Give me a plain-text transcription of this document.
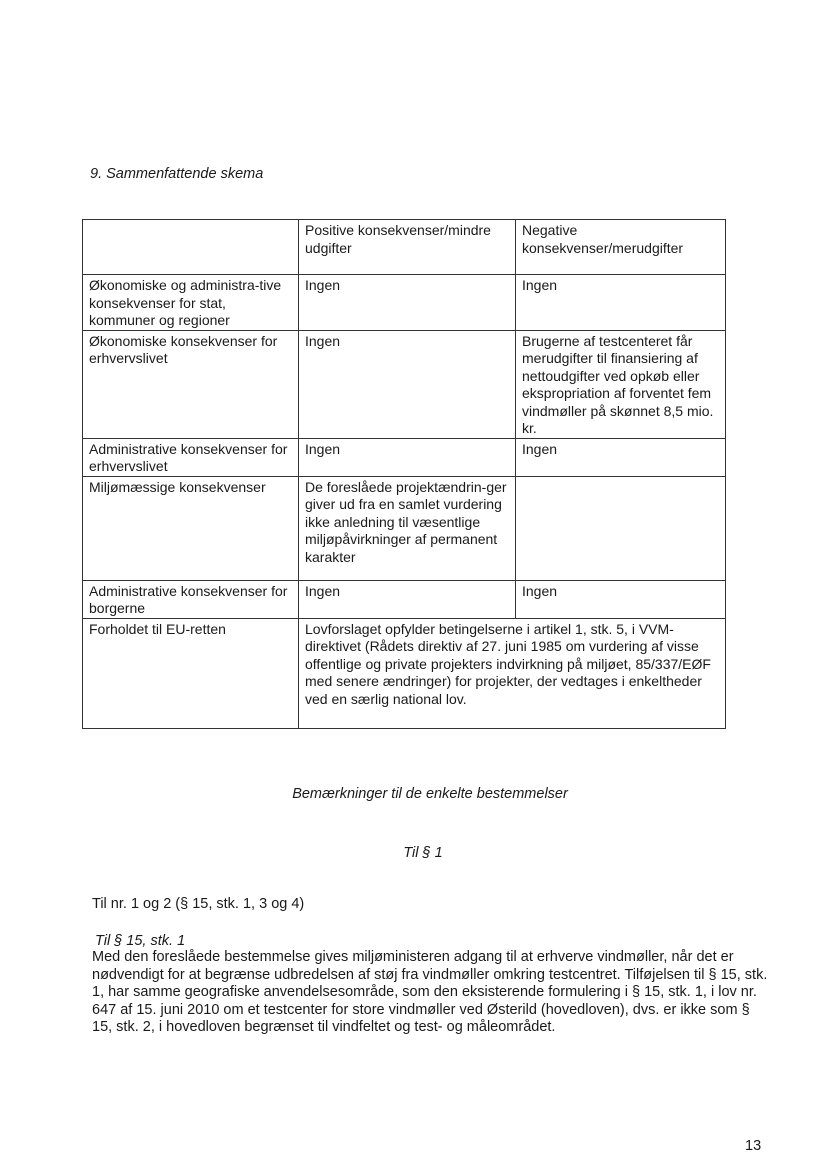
9. Sammenfattende skema
	Positive konsekvenser/mindre udgifter	Negative konsekvenser/merudgifter
Økonomiske og administra-tive konsekvenser for stat, kommuner og regioner	Ingen	Ingen
Økonomiske konsekvenser for erhvervslivet	Ingen	Brugerne af testcenteret får merudgifter til finansiering af nettoudgifter ved opkøb eller ekspropriation af forventet fem vindmøller på skønnet 8,5 mio. kr.
Administrative konsekvenser for erhvervslivet	Ingen	Ingen
Miljømæssige konsekvenser	De foreslåede projektændrin-ger giver ud fra en samlet vurdering ikke anledning til væsentlige miljøpåvirkninger af permanent karakter	
Administrative konsekvenser for borgerne	Ingen	Ingen
Forholdet til EU-retten	Lovforslaget opfylder betingelserne i artikel 1, stk. 5, i VVM-direktivet (Rådets direktiv af 27. juni 1985 om vurdering af visse offentlige og private projekters indvirkning på miljøet, 85/337/EØF med senere ændringer) for projekter, der vedtages i enkeltheder ved en særlig national lov.	
Bemærkninger til de enkelte bestemmelser
Til § 1

Til nr. 1 og 2 (§ 15, stk. 1, 3 og 4)

Til § 15, stk. 1

Med den foreslåede bestemmelse gives miljøministeren adgang til at erhverve vindmøller, når det er nødvendigt for at begrænse udbredelsen af støj fra vindmøller omkring testcentret. Tilføjelsen til § 15, stk. 1, har samme geografiske anvendelsesområde, som den eksisterende formulering i § 15, stk. 1, i lov nr. 647 af 15. juni 2010 om et testcenter for store vindmøller ved Østerild (hovedloven), dvs. er ikke som § 15, stk. 2, i hovedloven begrænset til vindfeltet og test- og måleområdet.

13
